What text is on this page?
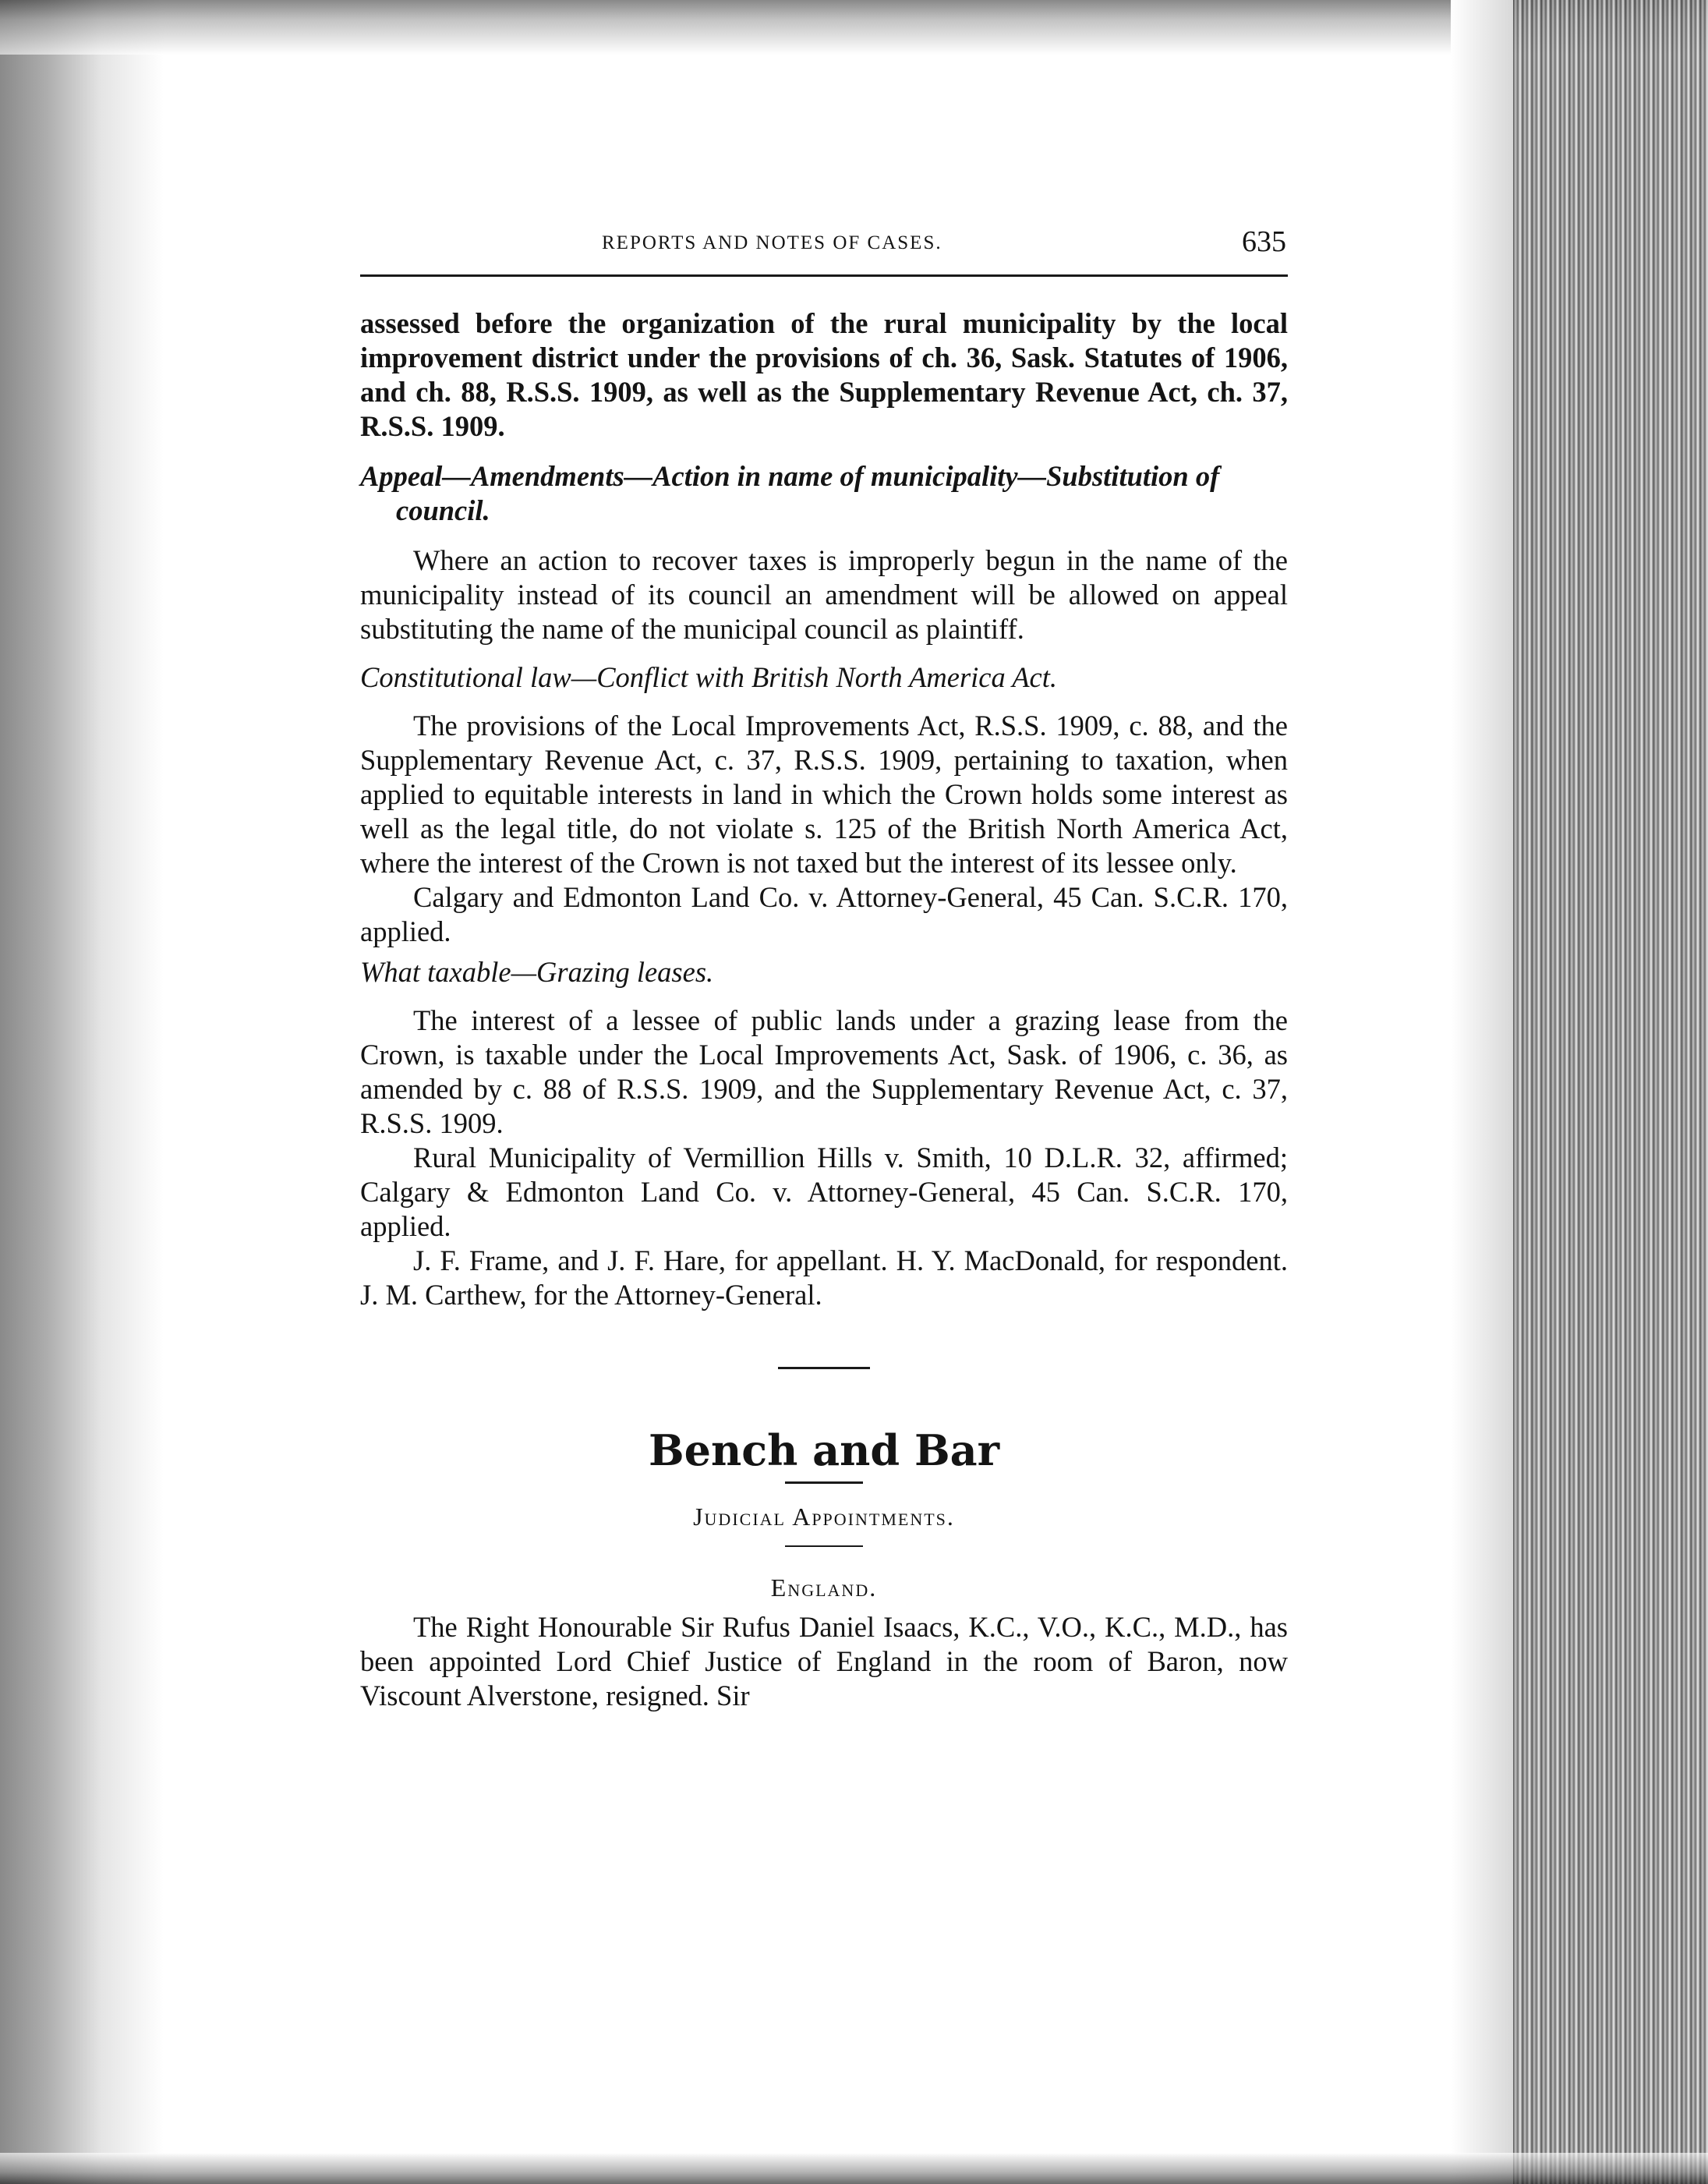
REPORTS AND NOTES OF CASES.	635

assessed before the organization of the rural municipality by the local improvement district under the provisions of ch. 36, Sask. Statutes of 1906, and ch. 88, R.S.S. 1909, as well as the Supplementary Revenue Act, ch. 37, R.S.S. 1909.

Appeal—Amendments—Action in name of municipality—Substitution of council.

Where an action to recover taxes is improperly begun in the name of the municipality instead of its council an amendment will be allowed on appeal substituting the name of the municipal council as plaintiff.

Constitutional law—Conflict with British North America Act.

The provisions of the Local Improvements Act, R.S.S. 1909, c. 88, and the Supplementary Revenue Act, c. 37, R.S.S. 1909, pertaining to taxation, when applied to equitable interests in land in which the Crown holds some interest as well as the legal title, do not violate s. 125 of the British North America Act, where the interest of the Crown is not taxed but the interest of its lessee only.

Calgary and Edmonton Land Co. v. Attorney-General, 45 Can. S.C.R. 170, applied.

What taxable—Grazing leases.

The interest of a lessee of public lands under a grazing lease from the Crown, is taxable under the Local Improvements Act, Sask. of 1906, c. 36, as amended by c. 88 of R.S.S. 1909, and the Supplementary Revenue Act, c. 37, R.S.S. 1909.

Rural Municipality of Vermillion Hills v. Smith, 10 D.L.R. 32, affirmed; Calgary & Edmonton Land Co. v. Attorney-General, 45 Can. S.C.R. 170, applied.

J. F. Frame, and J. F. Hare, for appellant. H. Y. MacDonald, for respondent. J. M. Carthew, for the Attorney-General.

Bench and Bar

Judicial Appointments.

England.

The Right Honourable Sir Rufus Daniel Isaacs, K.C., V.O., K.C., M.D., has been appointed Lord Chief Justice of England in the room of Baron, now Viscount Alverstone, resigned. Sir
